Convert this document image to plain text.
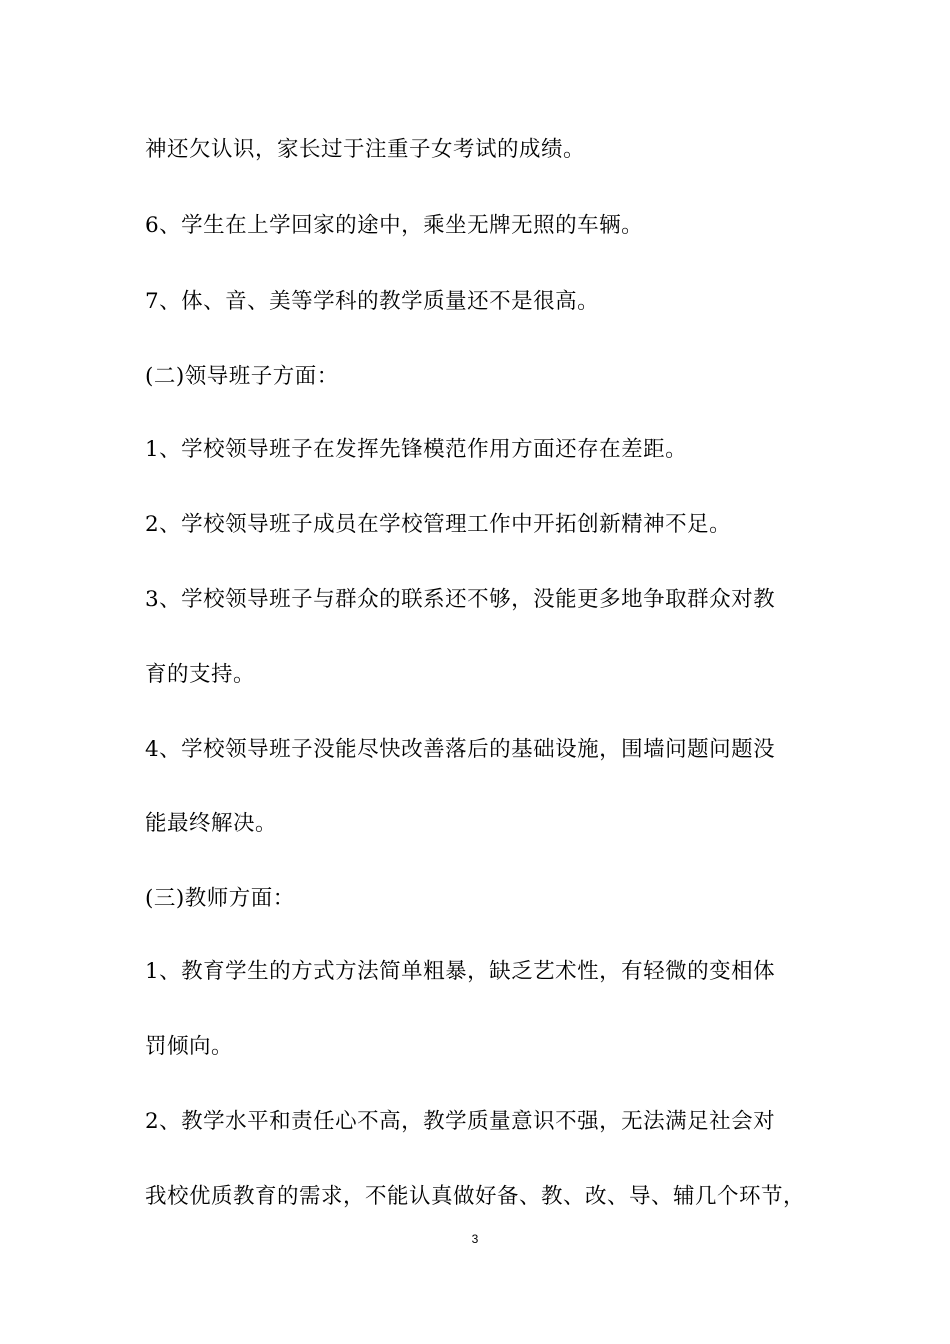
神还欠认识，家长过于注重子女考试的成绩。
6、学生在上学回家的途中，乘坐无牌无照的车辆。
7、体、音、美等学科的教学质量还不是很高。
(二)领导班子方面：
1、学校领导班子在发挥先锋模范作用方面还存在差距。
2、学校领导班子成员在学校管理工作中开拓创新精神不足。
3、学校领导班子与群众的联系还不够，没能更多地争取群众对教
育的支持。
4、学校领导班子没能尽快改善落后的基础设施，围墙问题问题没
能最终解决。
(三)教师方面：
1、教育学生的方式方法简单粗暴，缺乏艺术性，有轻微的变相体
罚倾向。
2、教学水平和责任心不高，教学质量意识不强，无法满足社会对
我校优质教育的需求，不能认真做好备、教、改、导、辅几个环节，
3
